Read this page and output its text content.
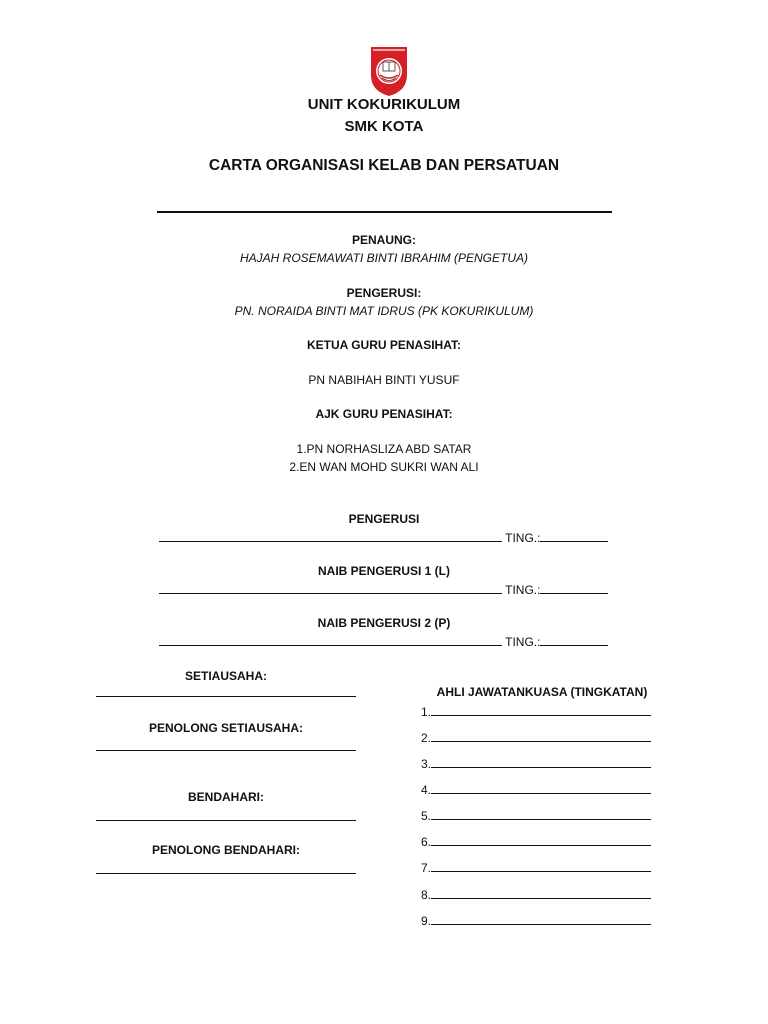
UNIT KOKURIKULUM
SMK KOTA
CARTA ORGANISASI KELAB DAN PERSATUAN
PENAUNG:
HAJAH ROSEMAWATI BINTI IBRAHIM (PENGETUA)
PENGERUSI:
PN. NORAIDA BINTI MAT IDRUS (PK KOKURIKULUM)
KETUA GURU PENASIHAT:
PN NABIHAH BINTI YUSUF
AJK GURU PENASIHAT:
1.PN NORHASLIZA ABD SATAR
2.EN WAN MOHD SUKRI WAN ALI
PENGERUSI
TING.:
NAIB PENGERUSI 1 (L)
TING.:
NAIB PENGERUSI 2 (P)
TING.:
SETIAUSAHA:
PENOLONG SETIAUSAHA:
BENDAHARI:
PENOLONG BENDAHARI:
AHLI JAWATANKUASA (TINGKATAN)
1.
2.
3.
4.
5.
6.
7.
8.
9.
